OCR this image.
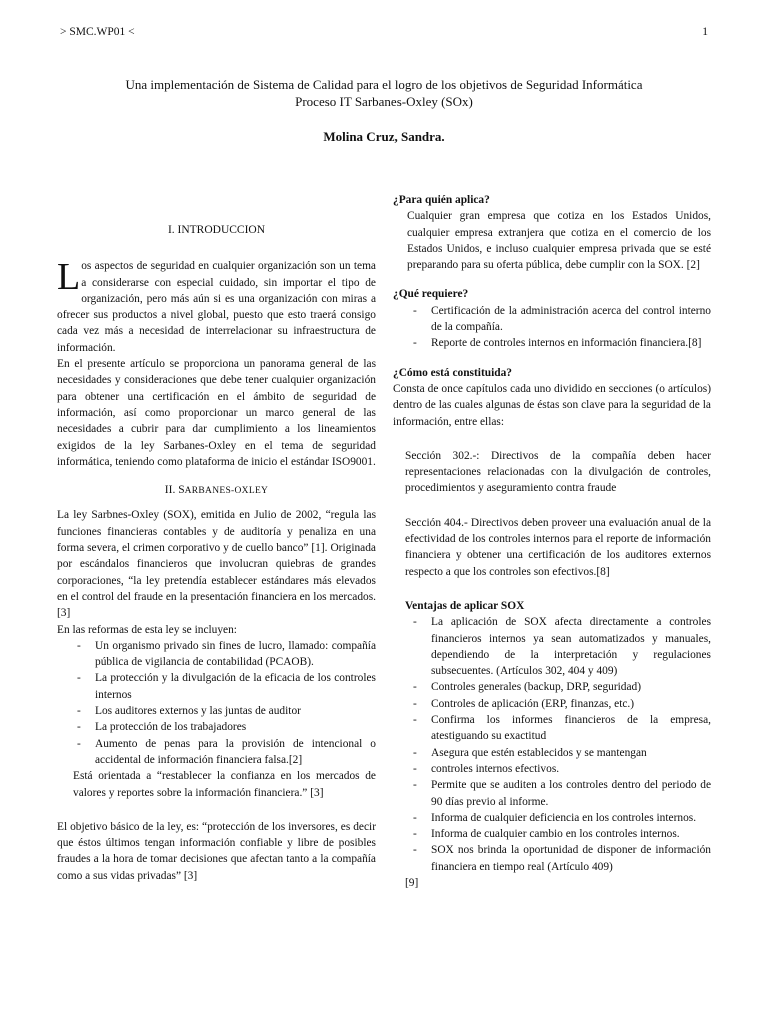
> SMC.WP01 <	1
Una implementación de Sistema de Calidad para el logro de los objetivos de Seguridad Informática
Proceso IT Sarbanes-Oxley (SOx)
Molina Cruz, Sandra.

I. INTRODUCCION

L os aspectos de seguridad en cualquier organización son un tema a considerarse con especial cuidado, sin importar el tipo de organización, pero más aún si es una organización con miras a ofrecer sus productos a nivel global, puesto que esto traerá consigo cada vez más a necesidad de interrelacionar su infraestructura de información.

En el presente artículo se proporciona un panorama general de las necesidades y consideraciones que debe tener cualquier organización para obtener una certificación en el ámbito de seguridad de información, así como proporcionar un marco general de las necesidades a cubrir para dar cumplimiento a los lineamientos exigidos de la ley Sarbanes-Oxley en el tema de seguridad informática, teniendo como plataforma de inicio el estándar ISO9001.

II. SARBANES-OXLEY

La ley Sarbnes-Oxley (SOX), emitida en Julio de 2002, “regula las funciones financieras contables y de auditoría y penaliza en una forma severa, el crimen corporativo y de cuello banco” [1]. Originada por escándalos financieros que involucran quiebras de grandes corporaciones, “la ley pretendía establecer estándares más elevados en el control del fraude en la presentación financiera en los mercados. [3]

En las reformas de esta ley se incluyen:

- Un organismo privado sin fines de lucro, llamado: compañía pública de vigilancia de contabilidad (PCAOB).
- La protección y la divulgación de la eficacia de los controles internos
- Los auditores externos y las juntas de auditor
- La protección de los trabajadores
- Aumento de penas para la provisión de intencional o accidental de información financiera falsa.[2]

Está orientada a “restablecer la confianza en los mercados de valores y reportes sobre la información financiera.” [3]

El objetivo básico de la ley, es: “protección de los inversores, es decir que éstos últimos tengan información confiable y libre de posibles fraudes a la hora de tomar decisiones que afectan tanto a la compañía como a sus vidas privadas” [3]

¿Para quién aplica?

Cualquier gran empresa que cotiza en los Estados Unidos, cualquier empresa extranjera que cotiza en el comercio de los Estados Unidos, e incluso cualquier empresa privada que se esté preparando para su oferta pública, debe cumplir con la SOX. [2]

¿Qué requiere?

- Certificación de la administración acerca del control interno de la compañía.
- Reporte de controles internos en información financiera.[8]

¿Cómo está constituida?

Consta de once capítulos cada uno dividido en secciones (o artículos) dentro de las cuales algunas de éstas son clave para la seguridad de la información, entre ellas:

Sección 302.-: Directivos de la compañía deben hacer representaciones relacionadas con la divulgación de controles, procedimientos y aseguramiento contra fraude

Sección 404.- Directivos deben proveer una evaluación anual de la efectividad de los controles internos para el reporte de información financiera y obtener una certificación de los auditores externos respecto a que los controles son efectivos.[8]

Ventajas de aplicar SOX

- La aplicación de SOX afecta directamente a controles financieros internos ya sean automatizados y manuales, dependiendo de la interpretación y regulaciones subsecuentes. (Artículos 302, 404 y 409)
- Controles generales (backup, DRP, seguridad)
- Controles de aplicación (ERP, finanzas, etc.)
- Confirma los informes financieros de la empresa, atestiguando su exactitud
- Asegura que estén establecidos y se mantengan
- controles internos efectivos.
- Permite que se auditen a los controles dentro del periodo de 90 días previo al informe.
- Informa de cualquier deficiencia en los controles internos.
- Informa de cualquier cambio en los controles internos.
- SOX nos brinda la oportunidad de disponer de información financiera en tiempo real (Artículo 409)

[9]
